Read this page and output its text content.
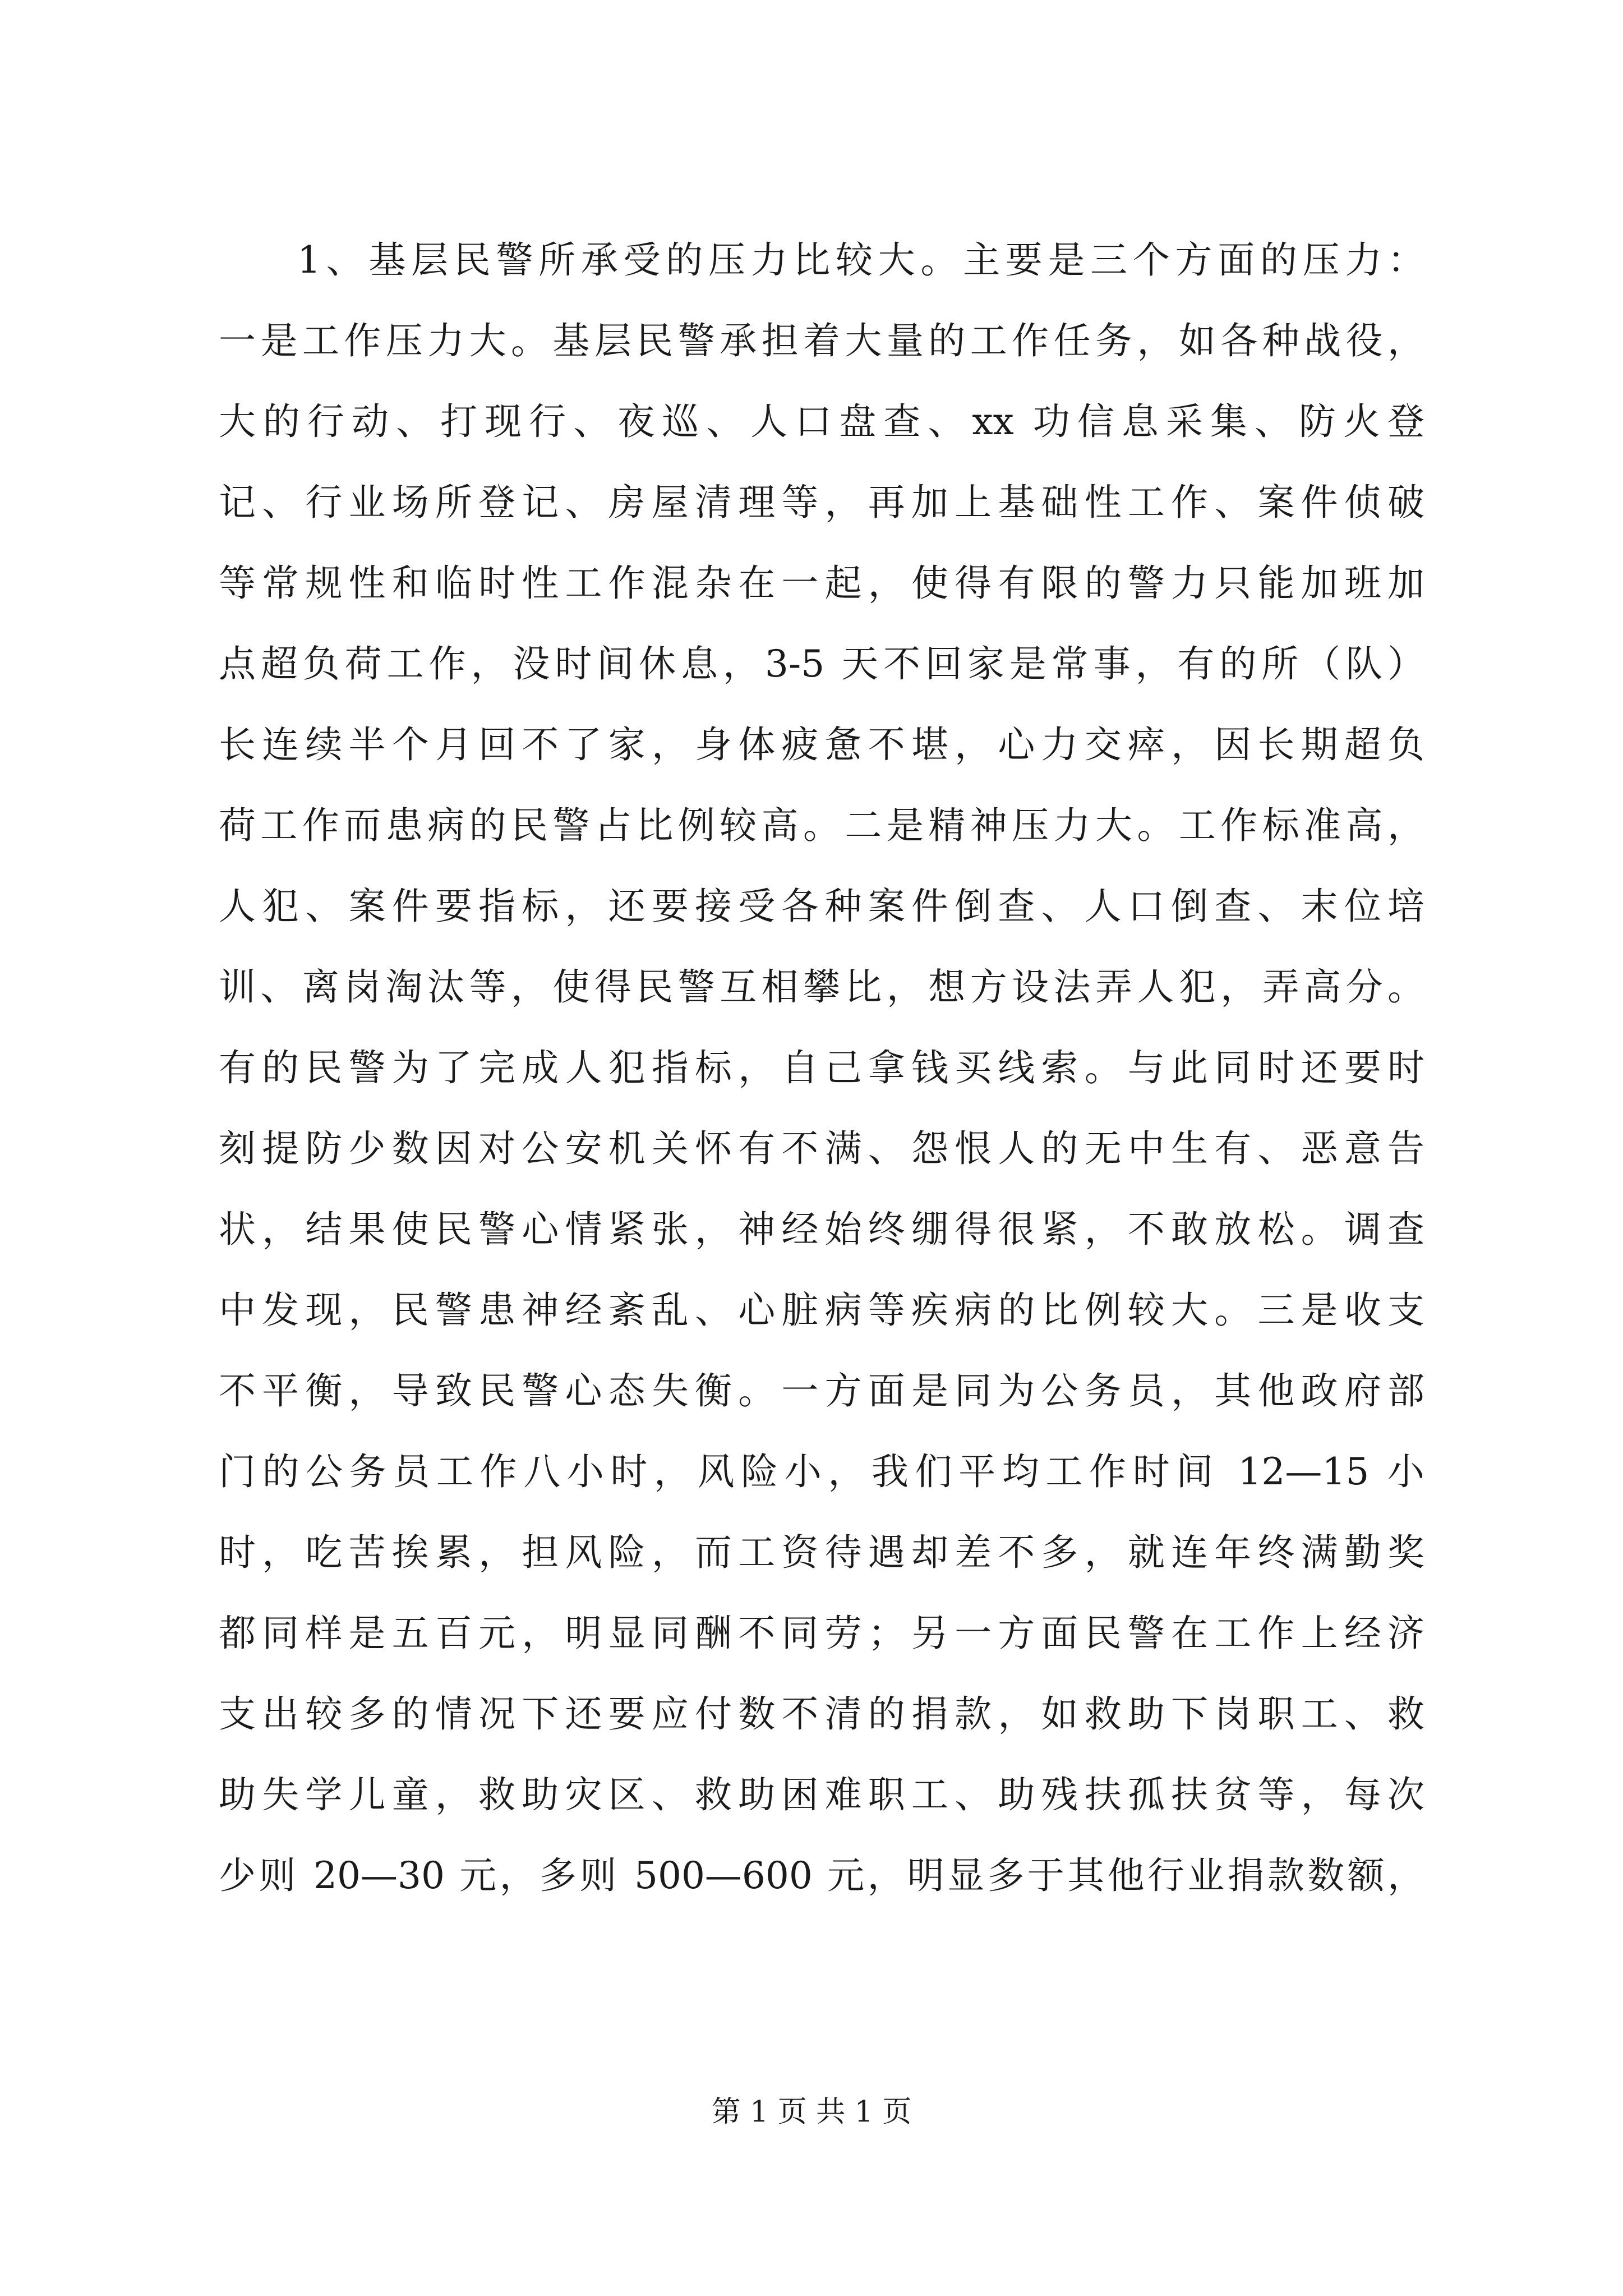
1、基层民警所承受的压力比较大。主要是三个方面的压力：
一是工作压力大。基层民警承担着大量的工作任务，如各种战役，
大的行动、打现行、夜巡、人口盘查、xx 功信息采集、防火登
记、行业场所登记、房屋清理等，再加上基础性工作、案件侦破
等常规性和临时性工作混杂在一起，使得有限的警力只能加班加
点超负荷工作，没时间休息，3-5 天不回家是常事，有的所（队）
长连续半个月回不了家，身体疲惫不堪，心力交瘁，因长期超负
荷工作而患病的民警占比例较高。二是精神压力大。工作标准高，
人犯、案件要指标，还要接受各种案件倒查、人口倒查、末位培
训、离岗淘汰等，使得民警互相攀比，想方设法弄人犯，弄高分。
有的民警为了完成人犯指标，自己拿钱买线索。与此同时还要时
刻提防少数因对公安机关怀有不满、怨恨人的无中生有、恶意告
状，结果使民警心情紧张，神经始终绷得很紧，不敢放松。调查
中发现，民警患神经紊乱、心脏病等疾病的比例较大。三是收支
不平衡，导致民警心态失衡。一方面是同为公务员，其他政府部
门的公务员工作八小时，风险小，我们平均工作时间 12—15 小
时，吃苦挨累，担风险，而工资待遇却差不多，就连年终满勤奖
都同样是五百元，明显同酬不同劳；另一方面民警在工作上经济
支出较多的情况下还要应付数不清的捐款，如救助下岗职工、救
助失学儿童，救助灾区、救助困难职工、助残扶孤扶贫等，每次
少则 20—30 元，多则 500—600 元，明显多于其他行业捐款数额，
第 1 页 共 1 页
